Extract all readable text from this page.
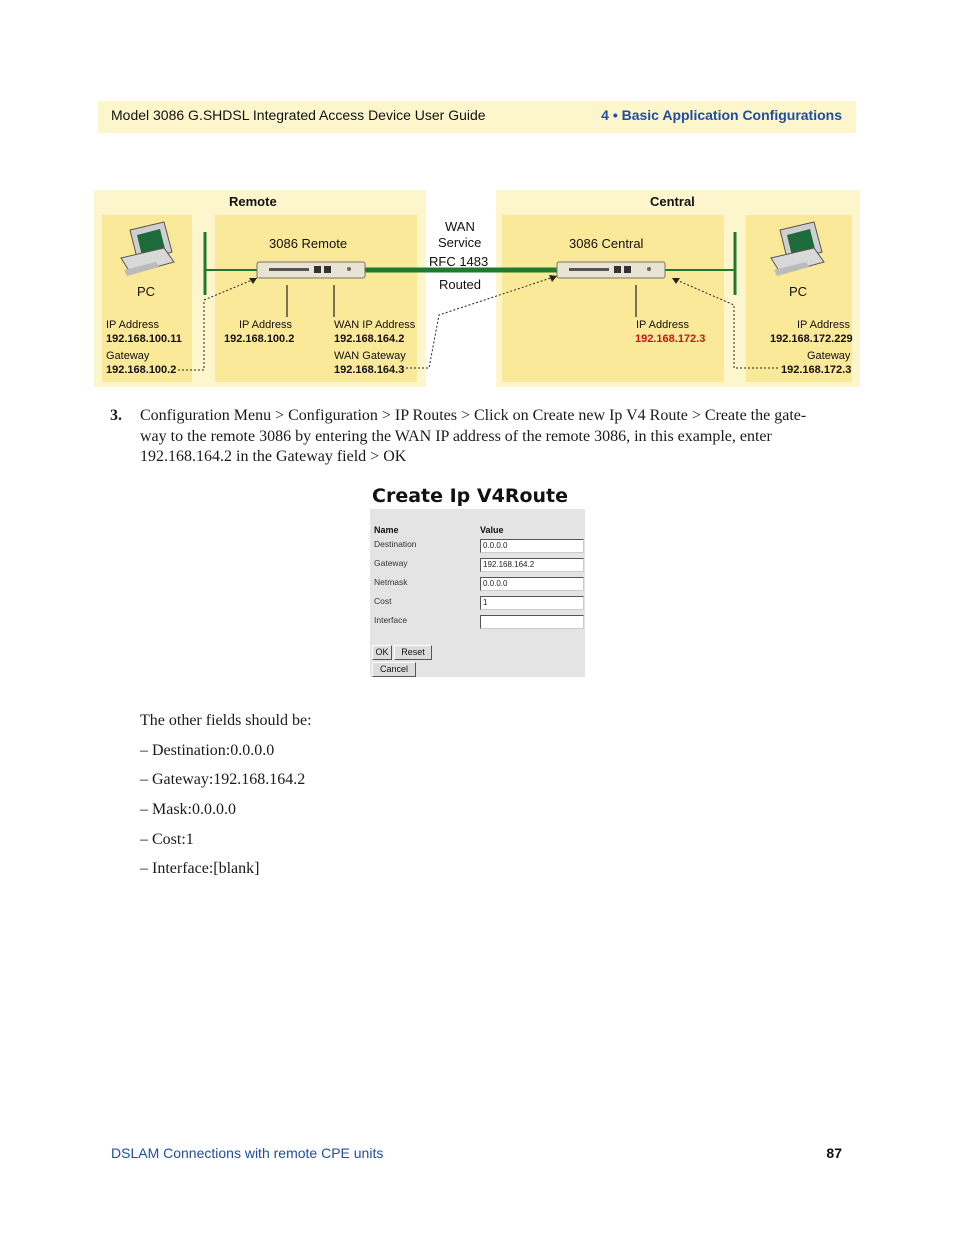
Model 3086 G.SHDSL Integrated Access Device User Guide	4 • Basic Application Configurations
Remote	Central
WAN
Service
RFC 1483
Routed
3086 Remote	3086 Central
PC	PC
IP Address
192.168.100.11
Gateway
192.168.100.2
IP Address
192.168.100.2
WAN IP Address
192.168.164.2
WAN Gateway
192.168.164.3
IP Address
192.168.172.3
IP Address
192.168.172.229
Gateway
192.168.172.3
3. Configuration Menu > Configuration > IP Routes > Click on Create new Ip V4 Route > Create the gate-
way to the remote 3086 by entering the WAN IP address of the remote 3086, in this example, enter
192.168.164.2 in the Gateway field > OK
Create Ip V4Route
Name	Value
Destination	0.0.0.0
Gateway	192.168.164.2
Netmask	0.0.0.0
Cost	1
Interface
OK	Reset
Cancel
The other fields should be:
– Destination:0.0.0.0
– Gateway:192.168.164.2
– Mask:0.0.0.0
– Cost:1
– Interface:[blank]
DSLAM Connections with remote CPE units	87
